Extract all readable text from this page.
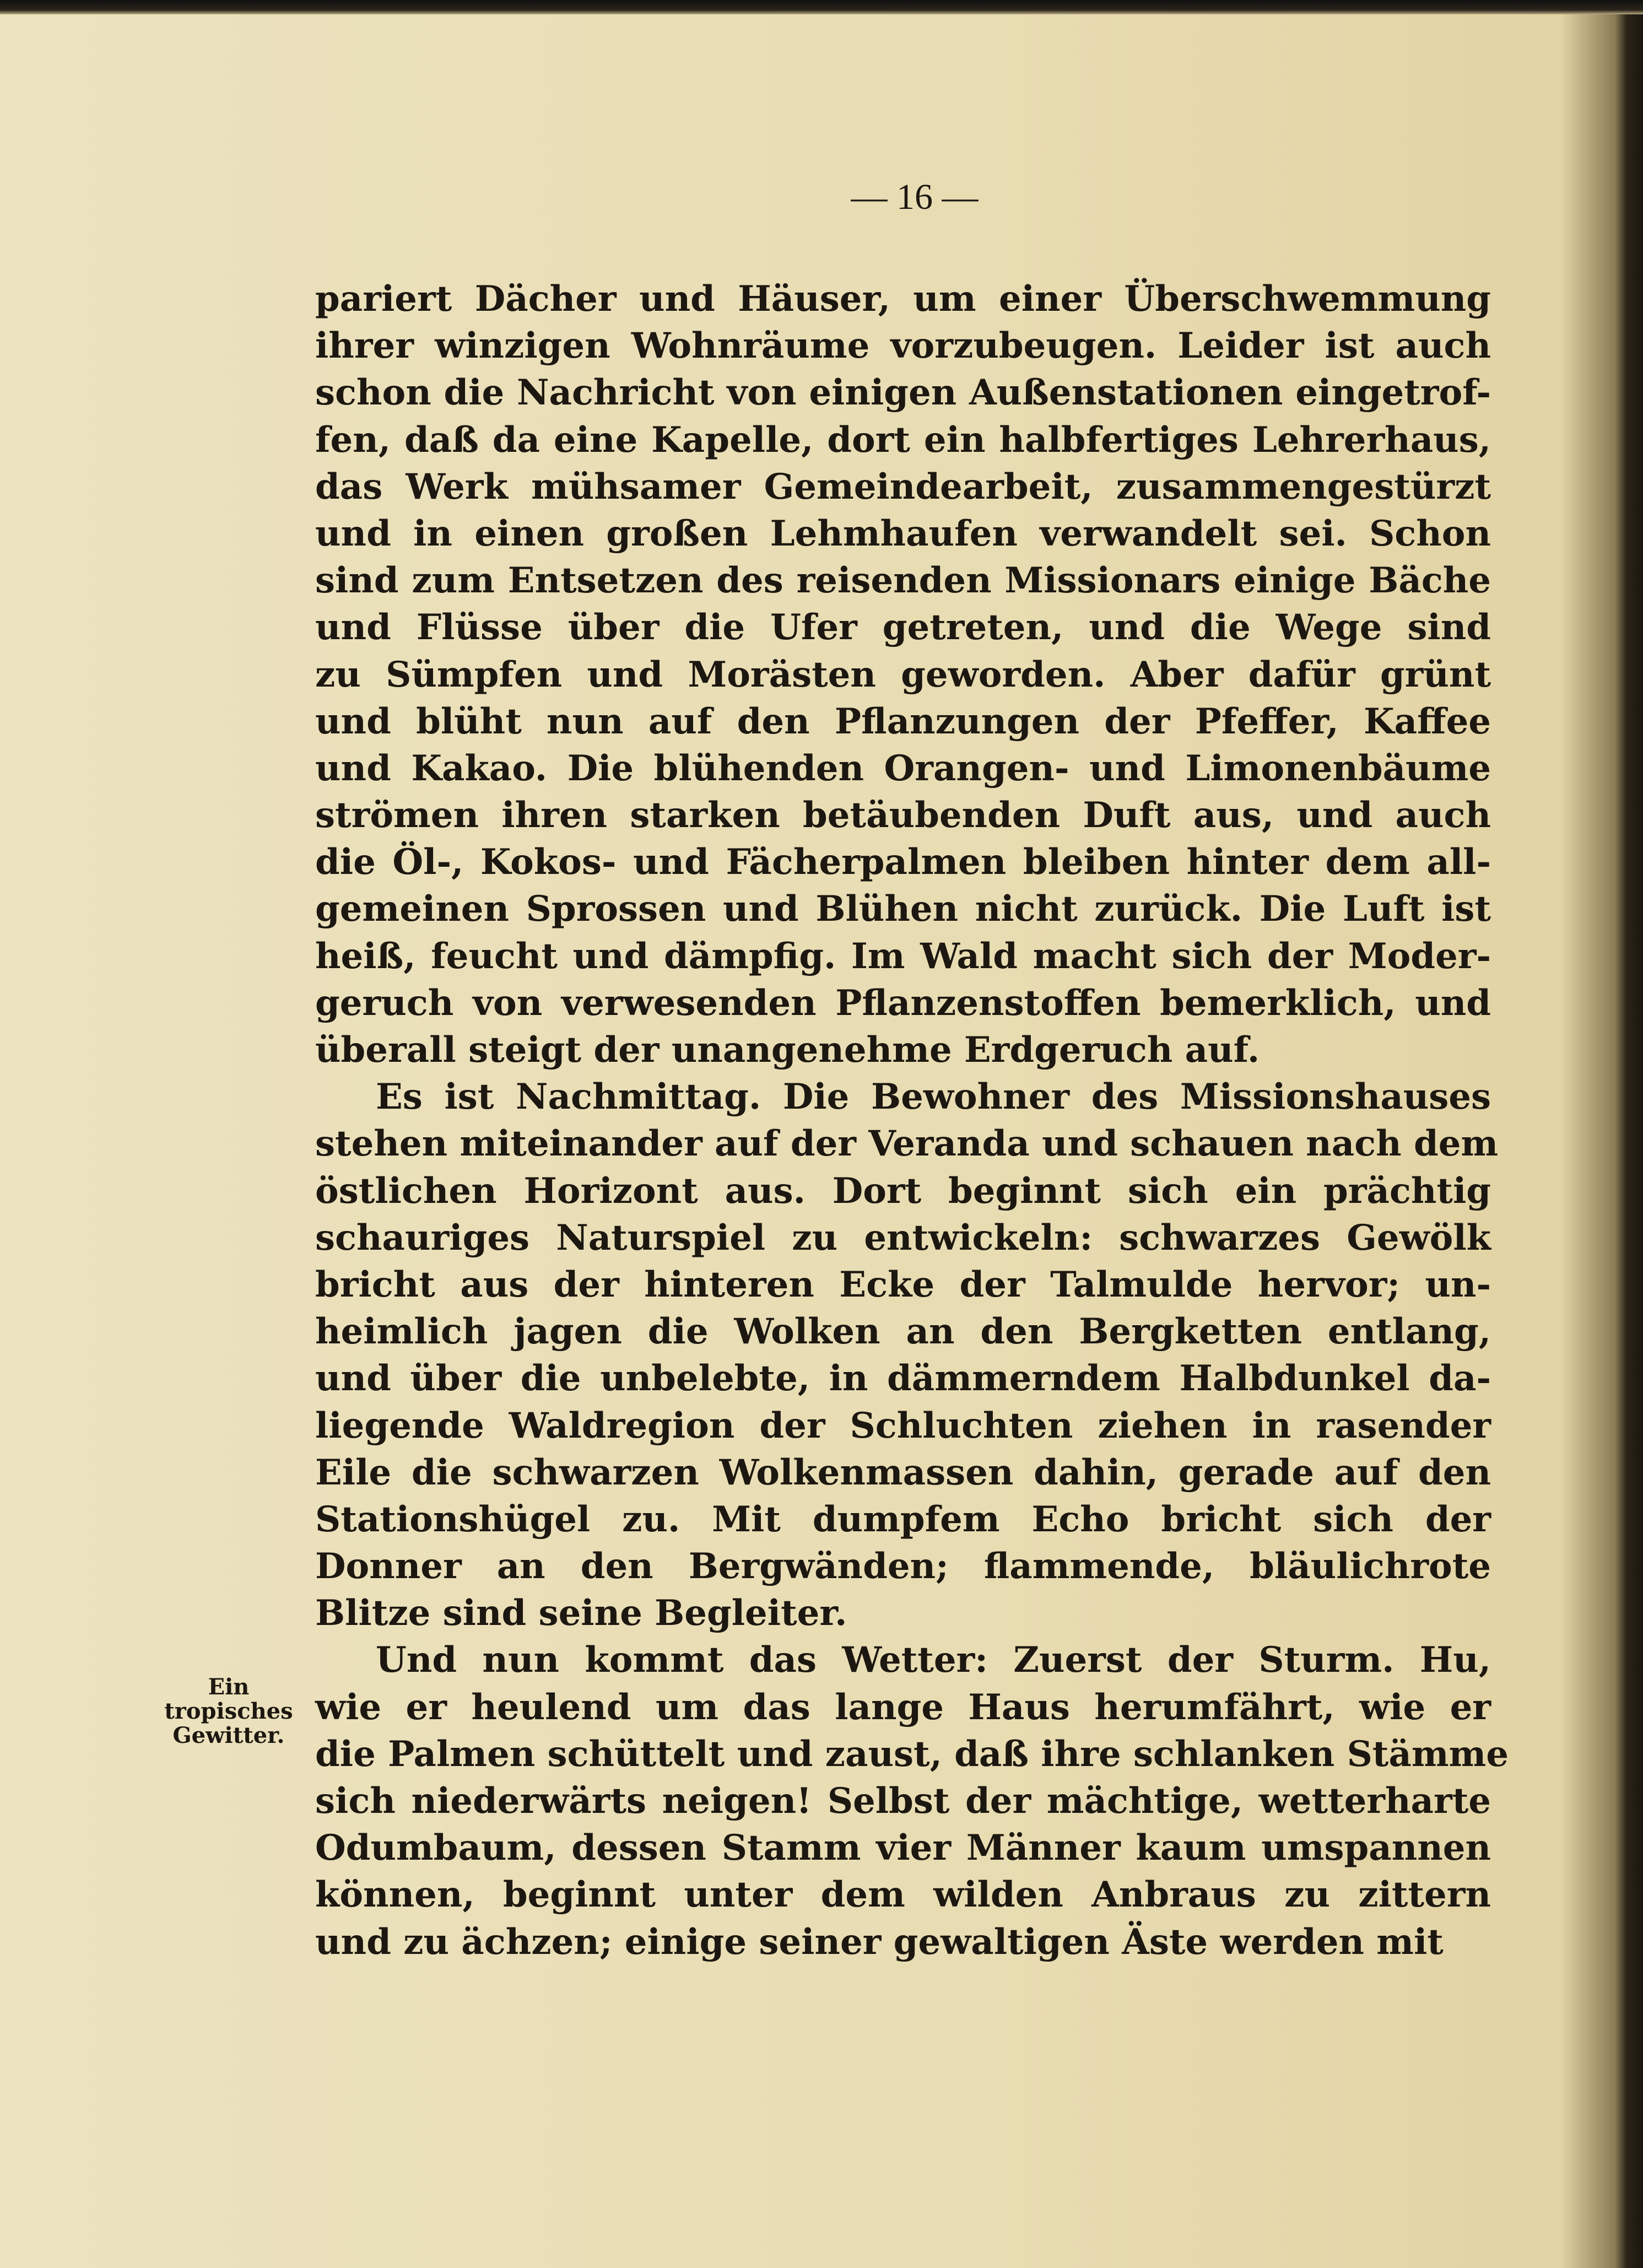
— 16 —
Ein
tropisches
Gewitter.
pariert Dächer und Häuser, um einer Überschwemmung
ihrer winzigen Wohnräume vorzubeugen. Leider ist auch
schon die Nachricht von einigen Außenstationen eingetrof-
fen, daß da eine Kapelle, dort ein halbfertiges Lehrerhaus,
das Werk mühsamer Gemeindearbeit, zusammengestürzt
und in einen großen Lehmhaufen verwandelt sei. Schon
sind zum Entsetzen des reisenden Missionars einige Bäche
und Flüsse über die Ufer getreten, und die Wege sind
zu Sümpfen und Morästen geworden. Aber dafür grünt
und blüht nun auf den Pflanzungen der Pfeffer, Kaffee
und Kakao. Die blühenden Orangen- und Limonenbäume
strömen ihren starken betäubenden Duft aus, und auch
die Öl-, Kokos- und Fächerpalmen bleiben hinter dem all-
gemeinen Sprossen und Blühen nicht zurück. Die Luft ist
heiß, feucht und dämpfig. Im Wald macht sich der Moder-
geruch von verwesenden Pflanzenstoffen bemerklich, und
überall steigt der unangenehme Erdgeruch auf.
Es ist Nachmittag. Die Bewohner des Missionshauses
stehen miteinander auf der Veranda und schauen nach dem
östlichen Horizont aus. Dort beginnt sich ein prächtig
schauriges Naturspiel zu entwickeln: schwarzes Gewölk
bricht aus der hinteren Ecke der Talmulde hervor; un-
heimlich jagen die Wolken an den Bergketten entlang,
und über die unbelebte, in dämmerndem Halbdunkel da-
liegende Waldregion der Schluchten ziehen in rasender
Eile die schwarzen Wolkenmassen dahin, gerade auf den
Stationshügel zu. Mit dumpfem Echo bricht sich der
Donner an den Bergwänden; flammende, bläulichrote
Blitze sind seine Begleiter.
Und nun kommt das Wetter: Zuerst der Sturm. Hu,
wie er heulend um das lange Haus herumfährt, wie er
die Palmen schüttelt und zaust, daß ihre schlanken Stämme
sich niederwärts neigen! Selbst der mächtige, wetterharte
Odumbaum, dessen Stamm vier Männer kaum umspannen
können, beginnt unter dem wilden Anbraus zu zittern
und zu ächzen; einige seiner gewaltigen Äste werden mit
